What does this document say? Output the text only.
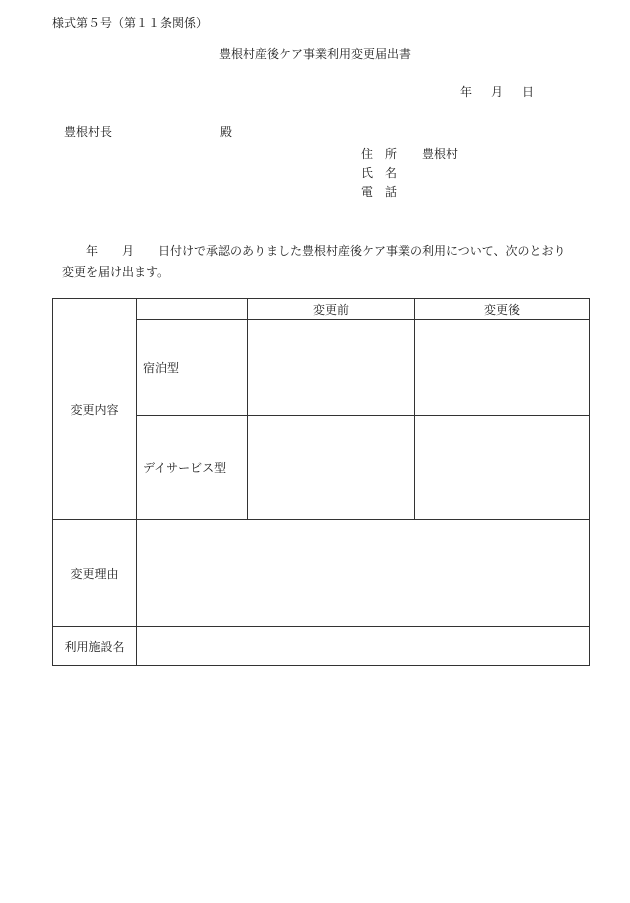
様式第５号（第１１条関係）
豊根村産後ケア事業利用変更届出書
年 月 日
豊根村長	殿
住　所 豊根村
氏　名
電　話
年　　月　　日付けで承認のありました豊根村産後ケア事業の利用について、次のとおり
変更を届け出ます。
変更内容		変更前	変更後
	宿泊型		
	デイサービス型		
変更理由			
利用施設名			
